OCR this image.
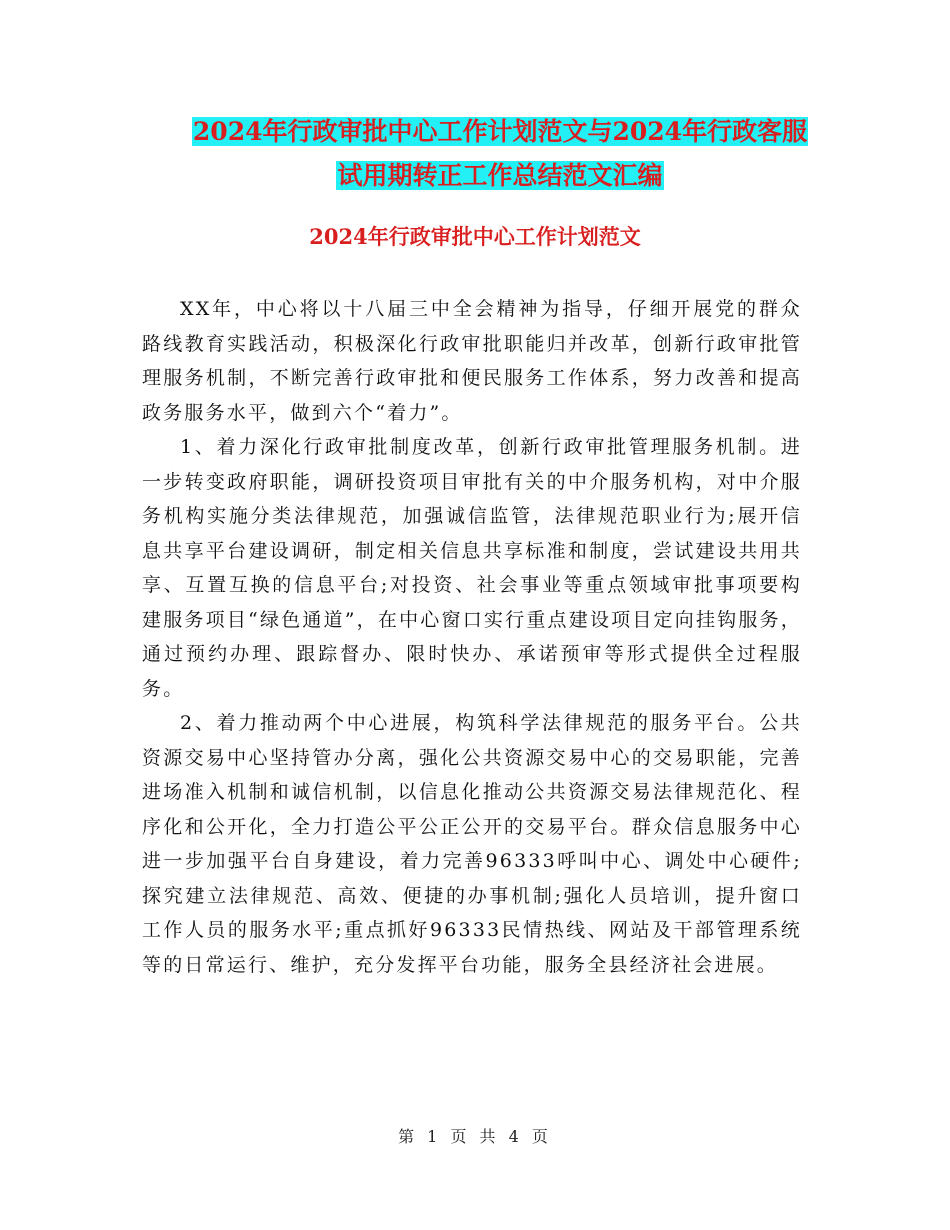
2024年行政审批中心工作计划范文与2024年行政客服
试用期转正工作总结范文汇编
2024年行政审批中心工作计划范文

XX年，中心将以十八届三中全会精神为指导，仔细开展党的群众路线教育实践活动，积极深化行政审批职能归并改革，创新行政审批管理服务机制，不断完善行政审批和便民服务工作体系，努力改善和提高政务服务水平，做到六个“着力”。

1、着力深化行政审批制度改革，创新行政审批管理服务机制。进一步转变政府职能，调研投资项目审批有关的中介服务机构，对中介服务机构实施分类法律规范，加强诚信监管，法律规范职业行为;展开信息共享平台建设调研，制定相关信息共享标准和制度，尝试建设共用共享、互置互换的信息平台;对投资、社会事业等重点领域审批事项要构建服务项目“绿色通道”，在中心窗口实行重点建设项目定向挂钩服务，通过预约办理、跟踪督办、限时快办、承诺预审等形式提供全过程服务。

2、着力推动两个中心进展，构筑科学法律规范的服务平台。公共资源交易中心坚持管办分离，强化公共资源交易中心的交易职能，完善进场准入机制和诚信机制，以信息化推动公共资源交易法律规范化、程序化和公开化，全力打造公平公正公开的交易平台。群众信息服务中心进一步加强平台自身建设，着力完善96333呼叫中心、调处中心硬件;探究建立法律规范、高效、便捷的办事机制;强化人员培训，提升窗口工作人员的服务水平;重点抓好96333民情热线、网站及干部管理系统等的日常运行、维护，充分发挥平台功能，服务全县经济社会进展。

第 1 页 共 4 页
